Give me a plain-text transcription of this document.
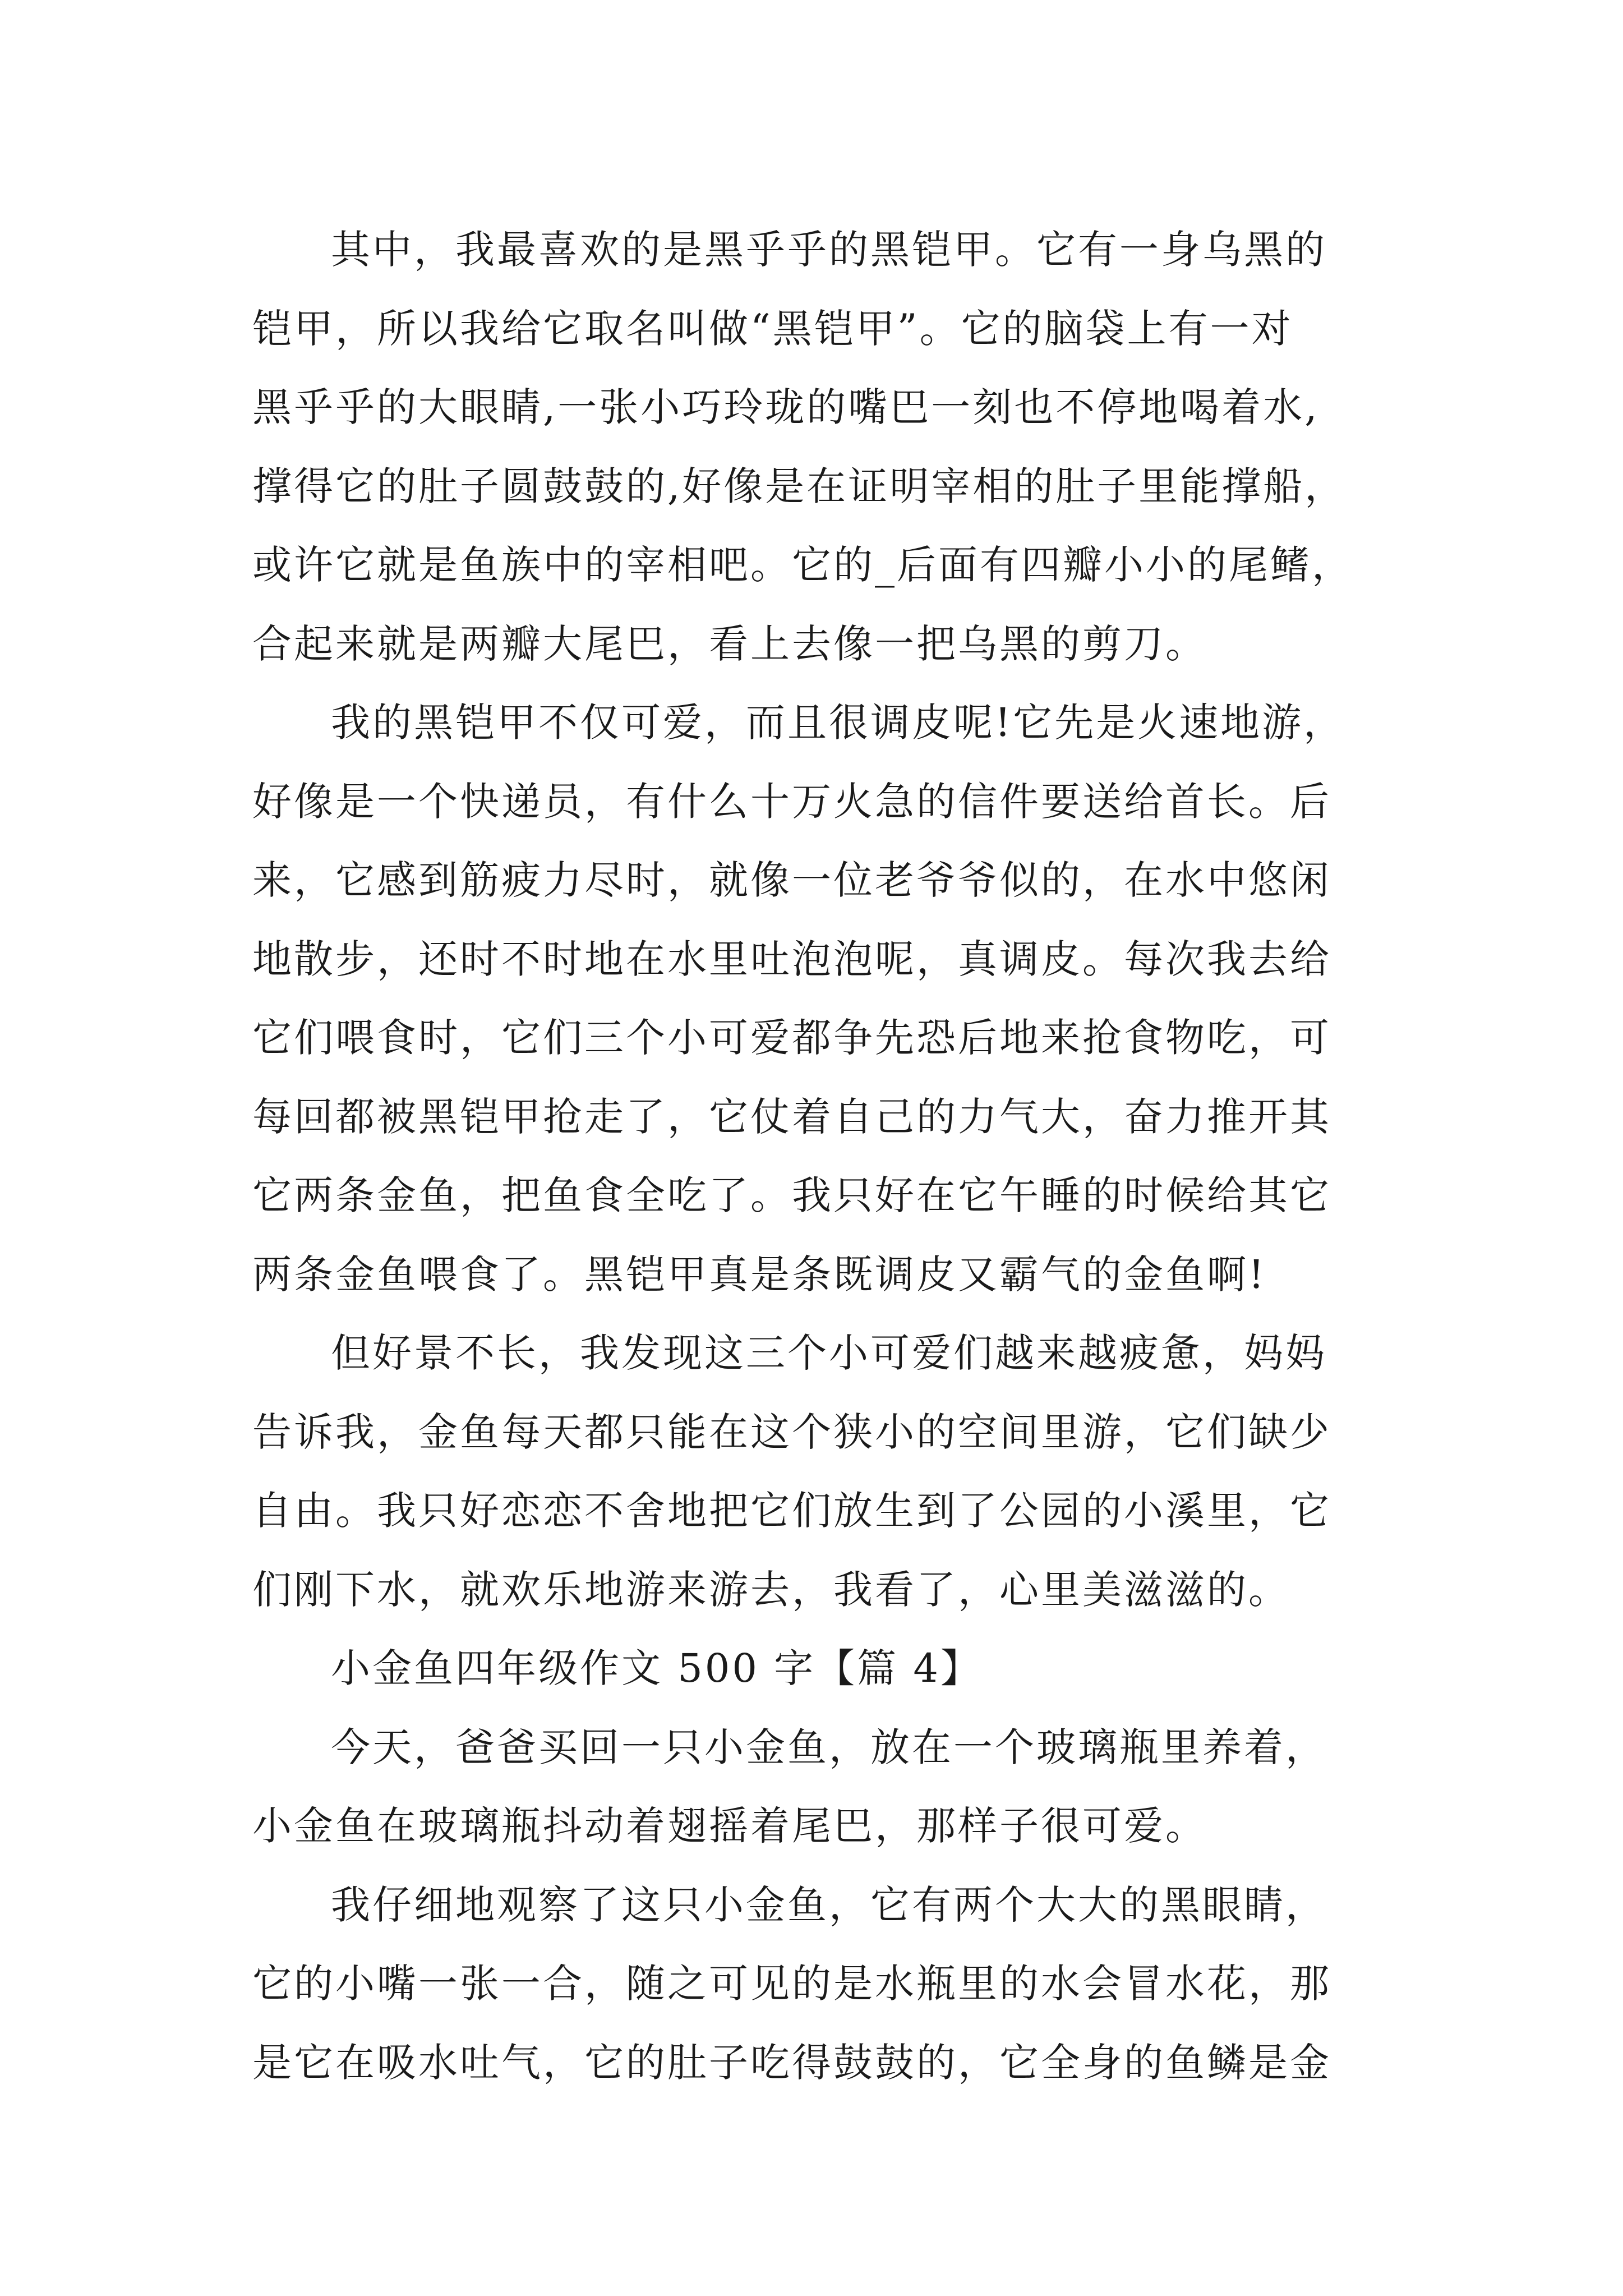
其中，我最喜欢的是黑乎乎的黑铠甲。它有一身乌黑的
铠甲，所以我给它取名叫做“黑铠甲”。它的脑袋上有一对
黑乎乎的大眼睛,一张小巧玲珑的嘴巴一刻也不停地喝着水,
撑得它的肚子圆鼓鼓的,好像是在证明宰相的肚子里能撑船，
或许它就是鱼族中的宰相吧。它的_后面有四瓣小小的尾鳍，
合起来就是两瓣大尾巴，看上去像一把乌黑的剪刀。
我的黑铠甲不仅可爱，而且很调皮呢!它先是火速地游，
好像是一个快递员，有什么十万火急的信件要送给首长。后
来，它感到筋疲力尽时，就像一位老爷爷似的，在水中悠闲
地散步，还时不时地在水里吐泡泡呢，真调皮。每次我去给
它们喂食时，它们三个小可爱都争先恐后地来抢食物吃，可
每回都被黑铠甲抢走了，它仗着自己的力气大，奋力推开其
它两条金鱼，把鱼食全吃了。我只好在它午睡的时候给其它
两条金鱼喂食了。黑铠甲真是条既调皮又霸气的金鱼啊!
但好景不长，我发现这三个小可爱们越来越疲惫，妈妈
告诉我，金鱼每天都只能在这个狭小的空间里游，它们缺少
自由。我只好恋恋不舍地把它们放生到了公园的小溪里，它
们刚下水，就欢乐地游来游去，我看了，心里美滋滋的。
小金鱼四年级作文 500 字【篇 4】
今天，爸爸买回一只小金鱼，放在一个玻璃瓶里养着，
小金鱼在玻璃瓶抖动着翅摇着尾巴，那样子很可爱。
我仔细地观察了这只小金鱼，它有两个大大的黑眼睛，
它的小嘴一张一合，随之可见的是水瓶里的水会冒水花，那
是它在吸水吐气，它的肚子吃得鼓鼓的，它全身的鱼鳞是金
